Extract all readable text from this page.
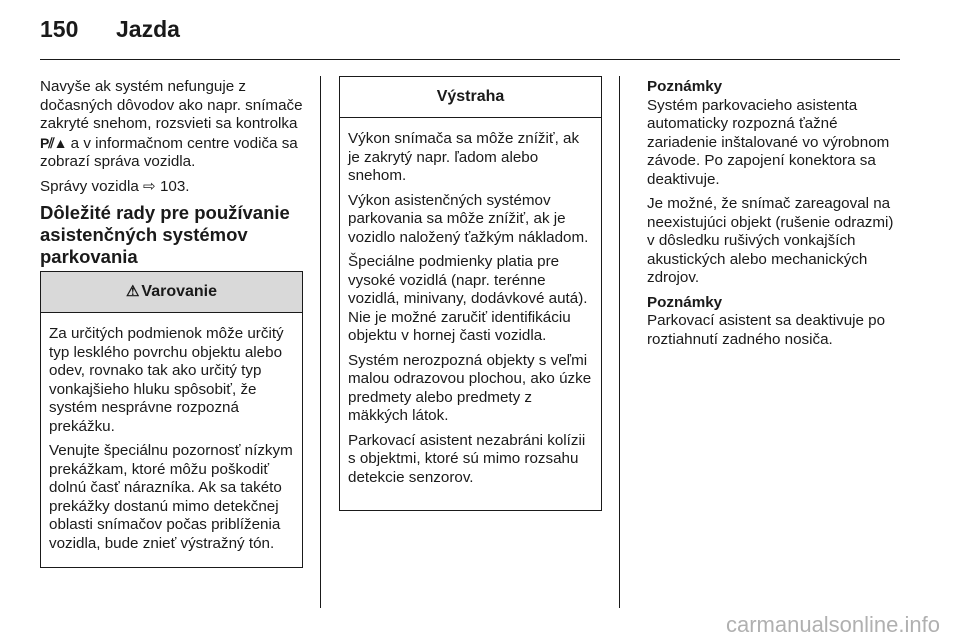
150 Jazda

Navyše ak systém nefunguje z dočasných dôvodov ako napr. snímače zakryté snehom, rozsvieti sa kontrolka P⫽▲ a v informačnom centre vodiča sa zobrazí správa vozidla.

Správy vozidla ⇨ 103.

Dôležité rady pre používanie asistenčných systémov parkovania
⚠ Varovanie

Za určitých podmienok môže určitý typ lesklého povrchu objektu alebo odev, rovnako tak ako určitý typ vonkajšieho hluku spôsobiť, že systém nesprávne rozpozná prekážku.

Venujte špeciálnu pozornosť nízkym prekážkam, ktoré môžu poškodiť dolnú časť nárazníka. Ak sa takéto prekážky dostanú mimo detekčnej oblasti snímačov počas priblíženia vozidla, bude znieť výstražný tón.

Výstraha

Výkon snímača sa môže znížiť, ak je zakrytý napr. ľadom alebo snehom.

Výkon asistenčných systémov parkovania sa môže znížiť, ak je vozidlo naložený ťažkým nákladom.

Špeciálne podmienky platia pre vysoké vozidlá (napr. terénne vozidlá, minivany, dodávkové autá). Nie je možné zaručiť identifikáciu objektu v hornej časti vozidla.

Systém nerozpozná objekty s veľmi malou odrazovou plochou, ako úzke predmety alebo predmety z mäkkých látok.

Parkovací asistent nezabráni kolízii s objektmi, ktoré sú mimo rozsahu detekcie senzorov.

Poznámky

Systém parkovacieho asistenta automaticky rozpozná ťažné zariadenie inštalované vo výrobnom závode. Po zapojení konektora sa deaktivuje.

Je možné, že snímač zareagoval na neexistujúci objekt (rušenie odrazmi) v dôsledku rušivých vonkajších akustických alebo mechanických zdrojov.

Poznámky

Parkovací asistent sa deaktivuje po roztiahnutí zadného nosiča.

carmanualsonline.info
